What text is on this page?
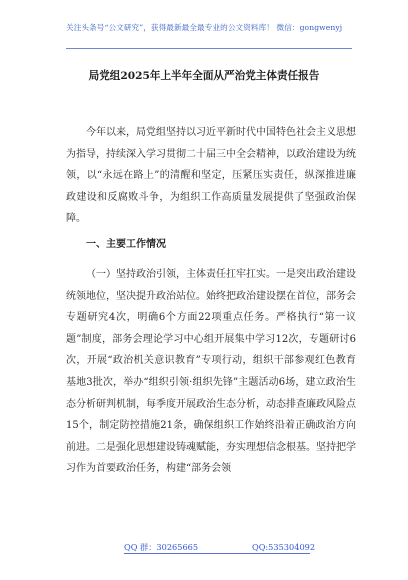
关注头条号“公文研究”，获得最新最全最专业的公文资料库！ 微信：gongwenyj
局党组2025年上半年全面从严治党主体责任报告

今年以来，局党组坚持以习近平新时代中国特色社会主义思想为指导，持续深入学习贯彻二十届三中全会精神，以政治建设为统领，以“永远在路上”的清醒和坚定，压紧压实责任，纵深推进廉政建设和反腐败斗争，为组织工作高质量发展提供了坚强政治保障。

一、主要工作情况

（一）坚持政治引领，主体责任扛牢扛实。一是突出政治建设统领地位，坚决提升政治站位。始终把政治建设摆在首位，部务会专题研究4次，明确6个方面22项重点任务。严格执行“第一议题”制度，部务会理论学习中心组开展集中学习12次，专题研讨6次，开展“政治机关意识教育”专项行动，组织干部参观红色教育基地3批次，举办“组织引领·组织先锋”主题活动6场，建立政治生态分析研判机制，每季度开展政治生态分析，动态排查廉政风险点15个，制定防控措施21条，确保组织工作始终沿着正确政治方向前进。二是强化思想建设铸魂赋能，夯实理想信念根基。坚持把学习作为首要政治任务，构建“部务会领

QQ 群：30265665	QQ:535304092
